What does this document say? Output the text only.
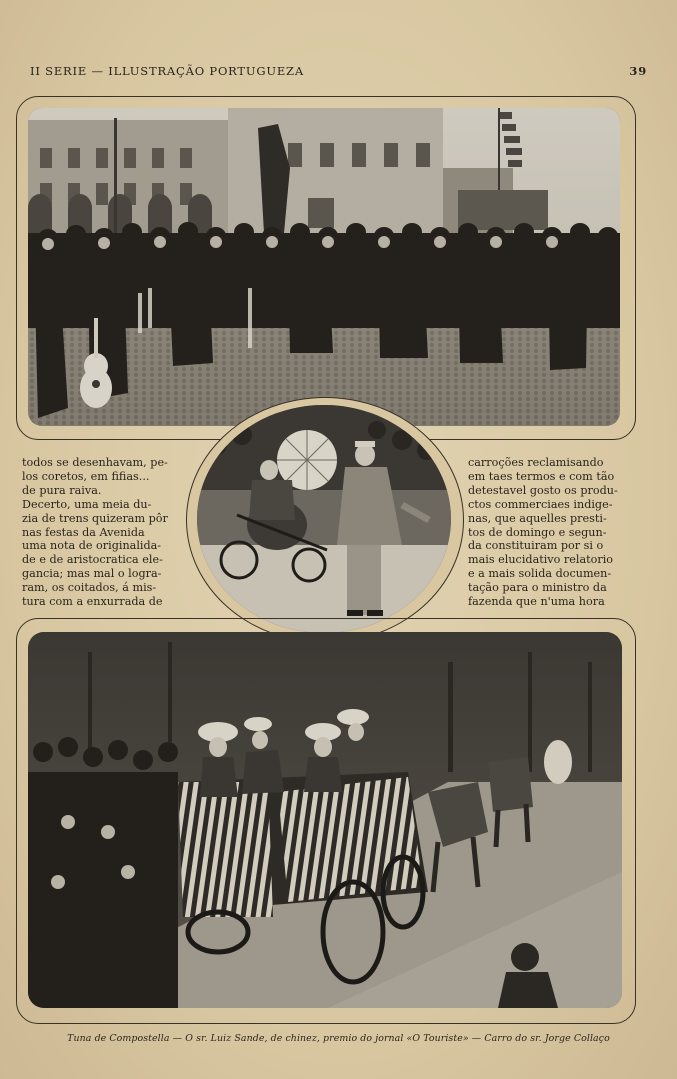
II SERIE — ILLUSTRAÇÃO PORTUGUEZA	39
todos se desenhavam, pe-
los coretos, em fifias...
de pura raiva.
Decerto, uma meia du-
zia de trens quizeram pôr
nas festas da Avenida
uma nota de originalida-
de e de aristocratica ele-
gancia; mas mal o logra-
ram, os coitados, á mis-
tura com a enxurrada de
carroções reclamisando
em taes termos e com tão
detestavel gosto os produ-
ctos commerciaes indige-
nas, que aquelles presti-
tos de domingo e segun-
da constituiram por si o
mais elucidativo relatorio
e a mais solida documen-
tação para o ministro da
fazenda que n'uma hora
Tuna de Compostella — O sr. Luiz Sande, de chinez, premio do jornal «O Touriste» — Carro do sr. Jorge Collaço
